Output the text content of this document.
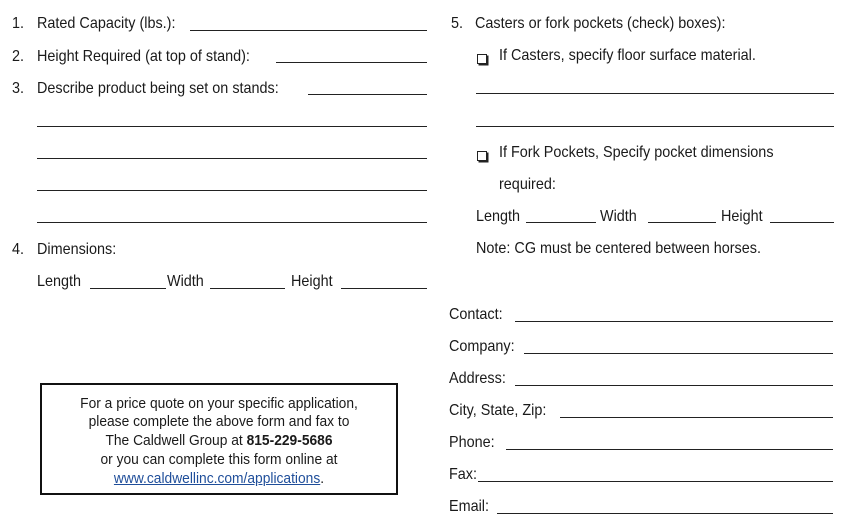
1. Rated Capacity (lbs.):
2. Height Required (at top of stand):
3. Describe product being set on stands:
4. Dimensions:
Length	Width	Height
For a price quote on your specific application,
please complete the above form and fax to
The Caldwell Group at 815-229-5686
or you can complete this form online at
www.caldwellinc.com/applications.
5. Casters or fork pockets (check) boxes):
If Casters, specify floor surface material.
If Fork Pockets, Specify pocket dimensions
required:
Length	Width	Height
Note: CG must be centered between horses.
Contact:
Company:
Address:
City, State, Zip:
Phone:
Fax:
Email:
